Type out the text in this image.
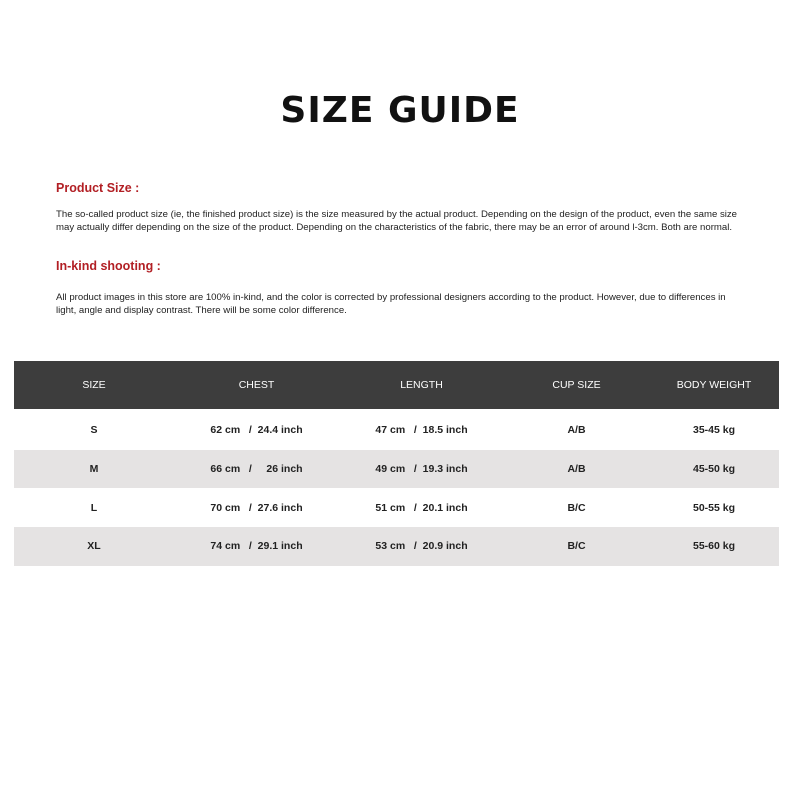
SIZE GUIDE
Product Size :

The so-called product size (ie, the finished product size) is the size measured by the actual product. Depending on the design of the product, even the same size may actually differ depending on the size of the product. Depending on the characteristics of the fabric, there may be an error of around l-3cm. Both are normal.

In-kind shooting :

All product images in this store are 100% in-kind, and the color is corrected by professional designers according to the product. However, due to differences in light, angle and display contrast. There will be some color difference.

SIZE	CHEST	LENGTH	CUP SIZE	BODY WEIGHT
S	62 cm   /  24.4 inch	47 cm   /  18.5 inch	A/B	35-45 kg
M	66 cm   /     26 inch	49 cm   /  19.3 inch	A/B	45-50 kg
L	70 cm   /  27.6 inch	51 cm   /  20.1 inch	B/C	50-55 kg
XL	74 cm   /  29.1 inch	53 cm   /  20.9 inch	B/C	55-60 kg
